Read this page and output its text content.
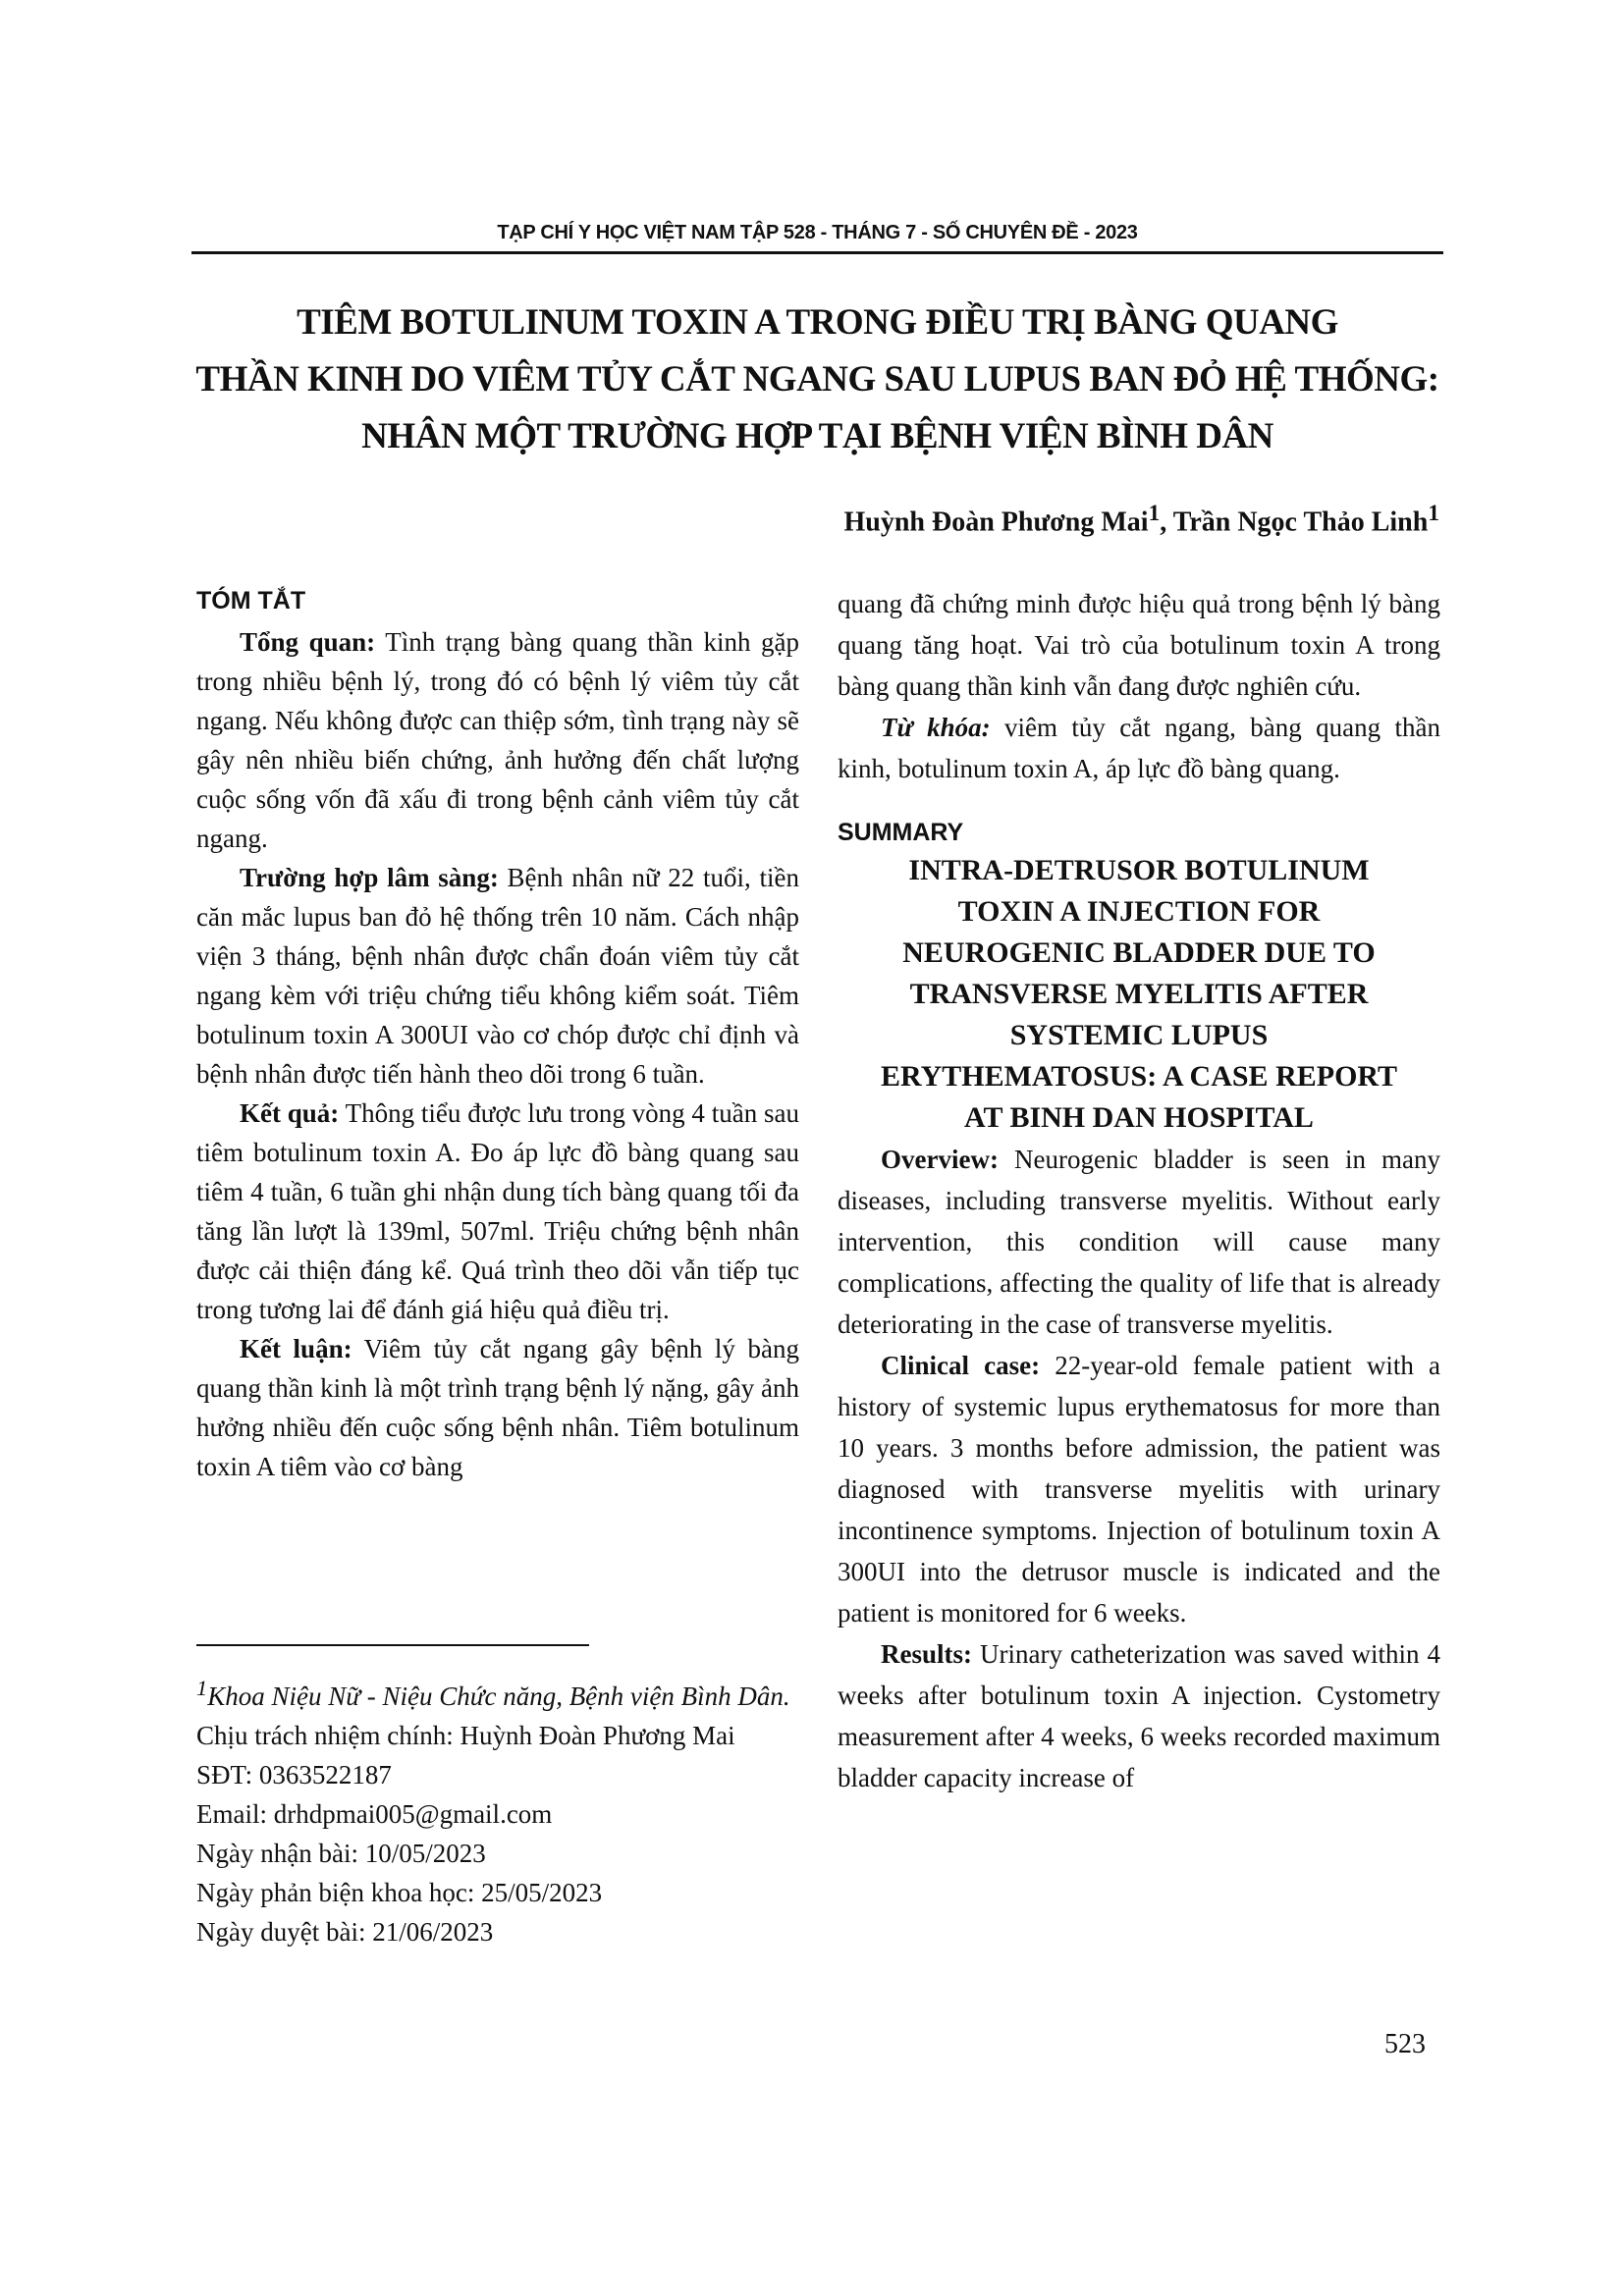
TẠP CHÍ Y HỌC VIỆT NAM TẬP 528 - THÁNG 7 - SỐ CHUYÊN ĐỀ - 2023
TIÊM BOTULINUM TOXIN A TRONG ĐIỀU TRỊ BÀNG QUANG
THẦN KINH DO VIÊM TỦY CẮT NGANG SAU LUPUS BAN ĐỎ HỆ THỐNG:
NHÂN MỘT TRƯỜNG HỢP TẠI BỆNH VIỆN BÌNH DÂN
Huỳnh Đoàn Phương Mai$^1$, Trần Ngọc Thảo Linh$^1$
TÓM TẮT

Tổng quan: Tình trạng bàng quang thần kinh gặp trong nhiều bệnh lý, trong đó có bệnh lý viêm tủy cắt ngang. Nếu không được can thiệp sớm, tình trạng này sẽ gây nên nhiều biến chứng, ảnh hưởng đến chất lượng cuộc sống vốn đã xấu đi trong bệnh cảnh viêm tủy cắt ngang.

Trường hợp lâm sàng: Bệnh nhân nữ 22 tuổi, tiền căn mắc lupus ban đỏ hệ thống trên 10 năm. Cách nhập viện 3 tháng, bệnh nhân được chẩn đoán viêm tủy cắt ngang kèm với triệu chứng tiểu không kiểm soát. Tiêm botulinum toxin A 300UI vào cơ chóp được chỉ định và bệnh nhân được tiến hành theo dõi trong 6 tuần.

Kết quả: Thông tiểu được lưu trong vòng 4 tuần sau tiêm botulinum toxin A. Đo áp lực đồ bàng quang sau tiêm 4 tuần, 6 tuần ghi nhận dung tích bàng quang tối đa tăng lần lượt là 139ml, 507ml. Triệu chứng bệnh nhân được cải thiện đáng kể. Quá trình theo dõi vẫn tiếp tục trong tương lai để đánh giá hiệu quả điều trị.

Kết luận: Viêm tủy cắt ngang gây bệnh lý bàng quang thần kinh là một trình trạng bệnh lý nặng, gây ảnh hưởng nhiều đến cuộc sống bệnh nhân. Tiêm botulinum toxin A tiêm vào cơ bàng

$^1$Khoa Niệu Nữ - Niệu Chức năng, Bệnh viện Bình Dân.
Chịu trách nhiệm chính: Huỳnh Đoàn Phương Mai
SĐT: 0363522187
Email: drhdpmai005@gmail.com
Ngày nhận bài: 10/05/2023
Ngày phản biện khoa học: 25/05/2023
Ngày duyệt bài: 21/06/2023

quang đã chứng minh được hiệu quả trong bệnh lý bàng quang tăng hoạt. Vai trò của botulinum toxin A trong bàng quang thần kinh vẫn đang được nghiên cứu.

Từ khóa: viêm tủy cắt ngang, bàng quang thần kinh, botulinum toxin A, áp lực đồ bàng quang.

SUMMARY
INTRA-DETRUSOR BOTULINUM
TOXIN A INJECTION FOR
NEUROGENIC BLADDER DUE TO
TRANSVERSE MYELITIS AFTER
SYSTEMIC LUPUS
ERYTHEMATOSUS: A CASE REPORT
AT BINH DAN HOSPITAL

Overview: Neurogenic bladder is seen in many diseases, including transverse myelitis. Without early intervention, this condition will cause many complications, affecting the quality of life that is already deteriorating in the case of transverse myelitis.

Clinical case: 22-year-old female patient with a history of systemic lupus erythematosus for more than 10 years. 3 months before admission, the patient was diagnosed with transverse myelitis with urinary incontinence symptoms. Injection of botulinum toxin A 300UI into the detrusor muscle is indicated and the patient is monitored for 6 weeks.

Results: Urinary catheterization was saved within 4 weeks after botulinum toxin A injection. Cystometry measurement after 4 weeks, 6 weeks recorded maximum bladder capacity increase of

523
